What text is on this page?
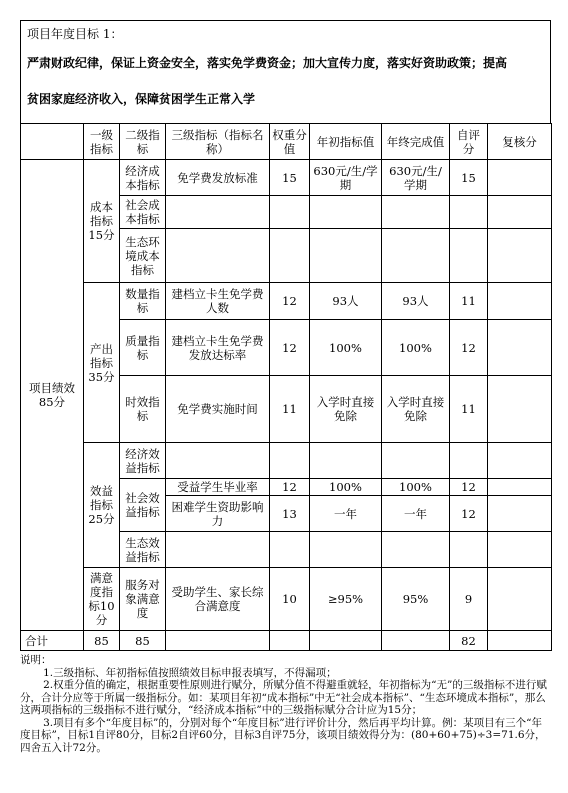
项目年度目标 1：
严肃财政纪律，保证上资金安全，落实免学费资金；加大宣传力度，落实好资助政策；提高
贫困家庭经济收入，保障贫困学生正常入学
	一级指标	二级指标	三级指标（指标名称）	权重分值	年初指标值	年终完成值	自评分	复核分
项目绩效85分	成本指标15分	经济成本指标	免学费发放标准	15	630元/生/学期	630元/生/学期	15	
		社会成本指标						
		生态环境成本指标						
	产出指标35分	数量指标	建档立卡生免学费人数	12	93人	93人	11	
		质量指标	建档立卡生免学费发放达标率	12	100%	100%	12	
		时效指标	免学费实施时间	11	入学时直接免除	入学时直接免除	11	
	效益指标25分	经济效益指标						
		社会效益指标	受益学生毕业率	12	100%	100%	12	
			困难学生资助影响力	13	一年	一年	12	
		生态效益指标						
	满意度指标10分	服务对象满意度	受助学生、家长综合满意度	10	≥95%	95%	9	
合计	85	85					82	

说明：

1.三级指标、年初指标值按照绩效目标申报表填写，不得漏项；

2.权重分值的确定，根据重要性原则进行赋分，所赋分值不得避重就轻，年初指标为“无”的三级指标不进行赋分，合计分应等于所属一级指标分。如：某项目年初“成本指标”中无“社会成本指标”、“生态环境成本指标”，那么这两项指标的三级指标不进行赋分，“经济成本指标”中的三级指标赋分合计应为15分；

3.项目有多个“年度目标”的，分别对每个“年度目标”进行评价计分，然后再平均计算。例：某项目有三个“年度目标”，目标1自评80分，目标2自评60分，目标3自评75分，该项目绩效得分为：(80+60+75)÷3=71.6分，四舍五入计72分。
